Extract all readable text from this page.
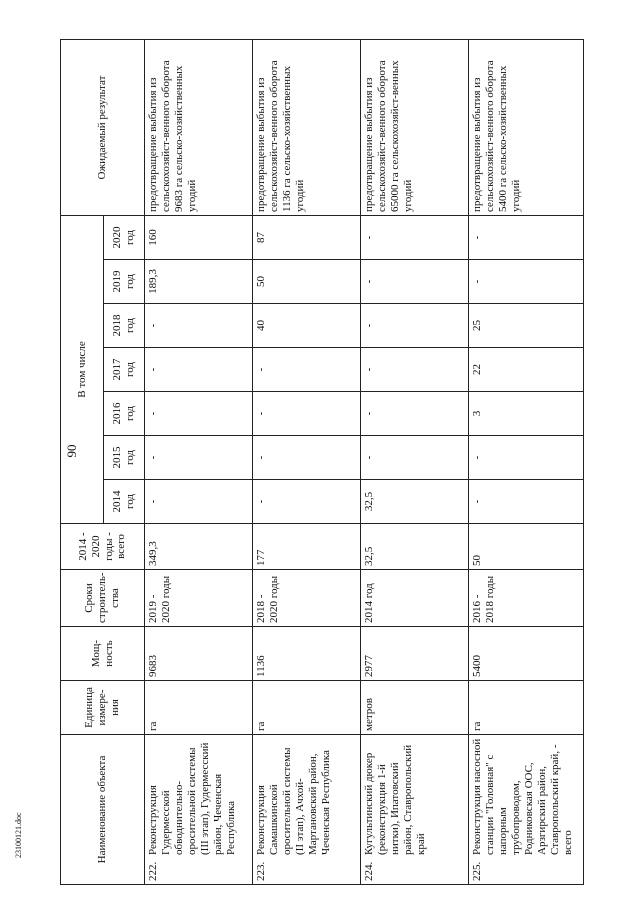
90
Наименование объекта	Единица измере-ния	Мощ-ность	Сроки строитель-ства	2014 - 2020 годы - всего	В том числе							Ожидаемый результат
					2014 год	2015 год	2016 год	2017 год	2018 год	2019 год	2020 год	

222.
Реконструкция Гудермесской обводнительно-оросительной системы (III этап), Гудермесский район, Чеченская Республика	га	9683	2019 - 2020 годы	349,3	-	-	-	-	-	189,3	160	предотвращение выбытия из сельскохозяйст-венного оборота 9683 га сельско-хозяйственных угодий

223.
Реконструкция Самашкинской оросительной системы (II этап), Ачхой-Мартановский район, Чеченская Республика	га	1136	2018 - 2020 годы	177	-	-	-	-	40	50	87	предотвращение выбытия из сельскохозяйст-венного оборота 1136 га сельско-хозяйственных угодий

224.
Кугультинский дюкер (реконструкция 1-й нитки), Ипатовский район, Ставропольский край	метров	2977	2014 год	32,5	32,5	-	-	-	-	-	-	предотвращение выбытия из сельскохозяйст-венного оборота 65000 га сельскохозяйст-венных угодий

225.
Реконструкция насосной станции "Головная" с напорным трубопроводом, Родниковская ООС, Арзгирский район, Ставропольский край, - всего	га	5400	2016 - 2018 годы	50	-	-	3	22	25	-	-	предотвращение выбытия из сельскохозяйст-венного оборота 5400 га сельско-хозяйственных угодий
23100121.doc
